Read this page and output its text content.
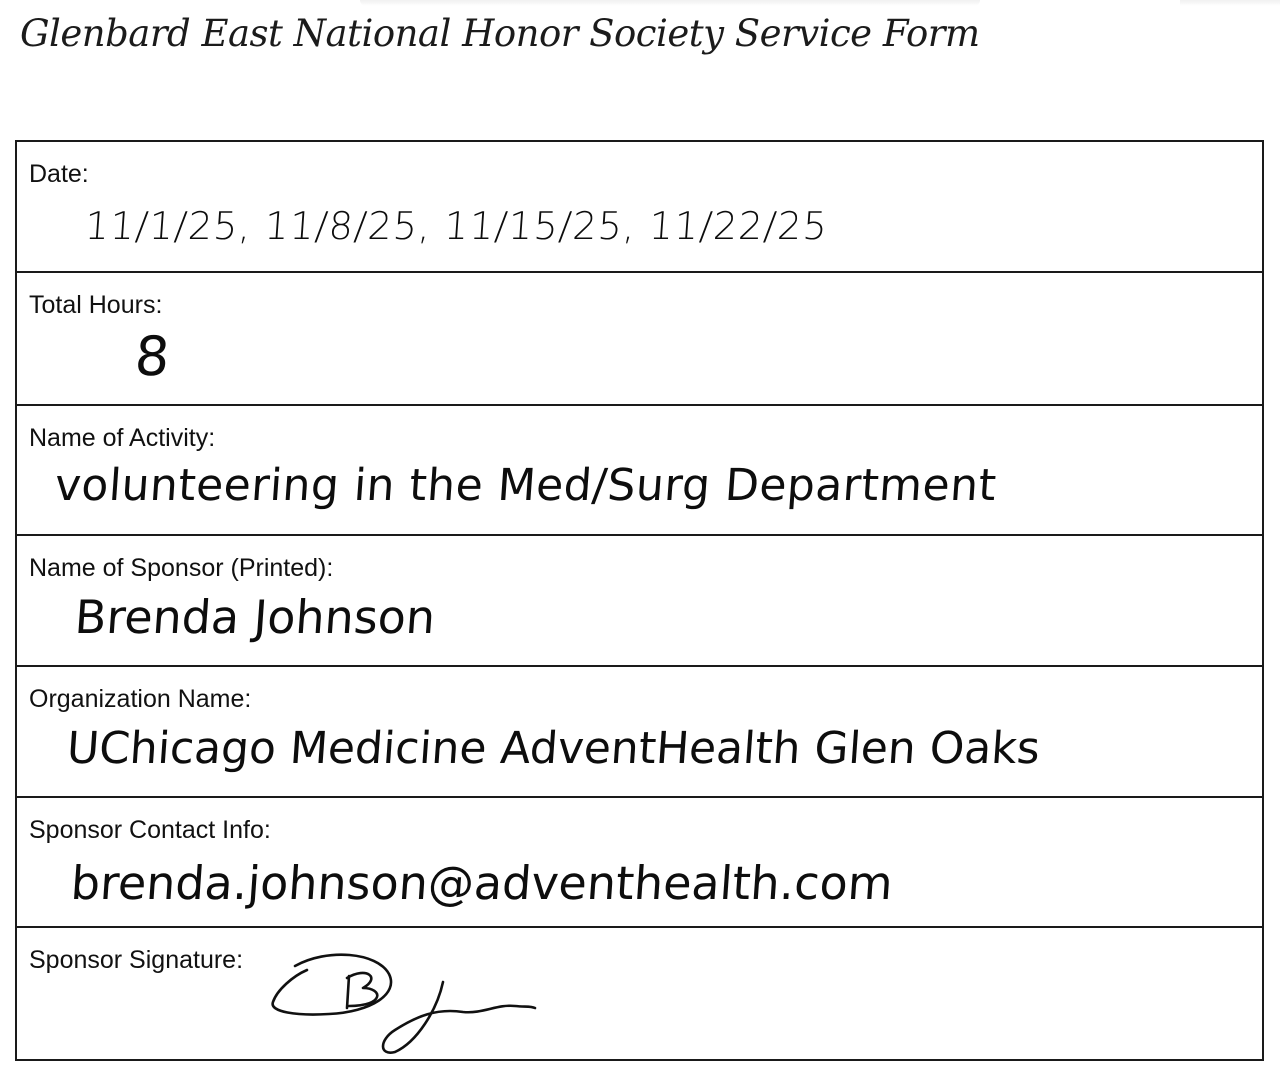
Glenbard East National Honor Society Service Form
Date:
11/1/25, 11/8/25, 11/15/25, 11/22/25
Total Hours:
8
Name of Activity:
volunteering in the Med/Surg Department
Name of Sponsor (Printed):
Brenda Johnson
Organization Name:
UChicago Medicine AdventHealth Glen Oaks
Sponsor Contact Info:
brenda.johnson@adventhealth.com
Sponsor Signature:
